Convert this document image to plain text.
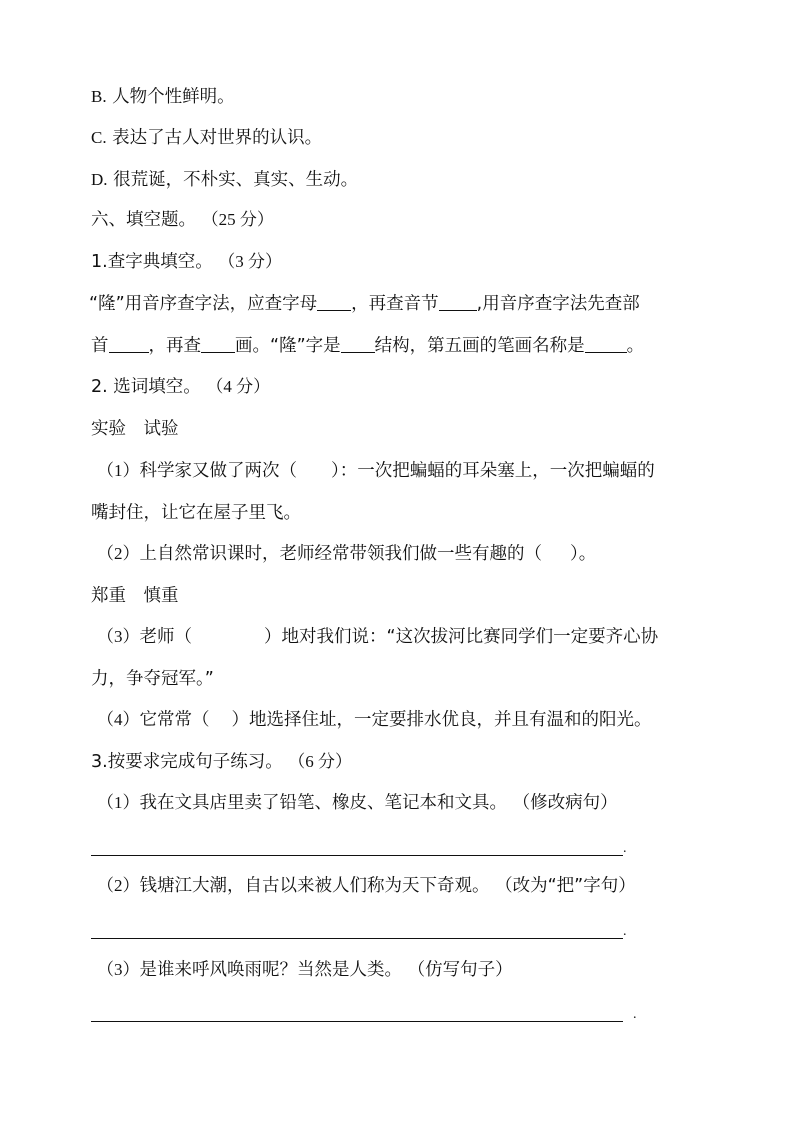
B. 人物个性鲜明。
C. 表达了古人对世界的认识。
D. 很荒诞，不朴实、真实、生动。
六、填空题。 （25 分）
1.查字典填空。 （3 分）
“隆”用音序查字法，应查字母 ，再查音节 ,用音序查字法先查部
首 ，再查 画。“隆”字是 结构，第五画的笔画名称是 。
2. 选词填空。 （4 分）
实验　试验
（1）科学家又做了两次（ ）：一次把蝙蝠的耳朵塞上，一次把蝙蝠的
嘴封住，让它在屋子里飞。
（2）上自然常识课时，老师经常带领我们做一些有趣的（ ）。
郑重　慎重
（3）老师（	）地对我们说：“这次拔河比赛同学们一定要齐心协
力，争夺冠军。”
（4）它常常（ ）地选择住址，一定要排水优良，并且有温和的阳光。
3.按要求完成句子练习。 （6 分）
（1）我在文具店里卖了铅笔、橡皮、笔记本和文具。 （修改病句）
.
（2）钱塘江大潮，自古以来被人们称为天下奇观。 （改为“把”字句）
.
（3）是谁来呼风唤雨呢？当然是人类。 （仿写句子）
.
